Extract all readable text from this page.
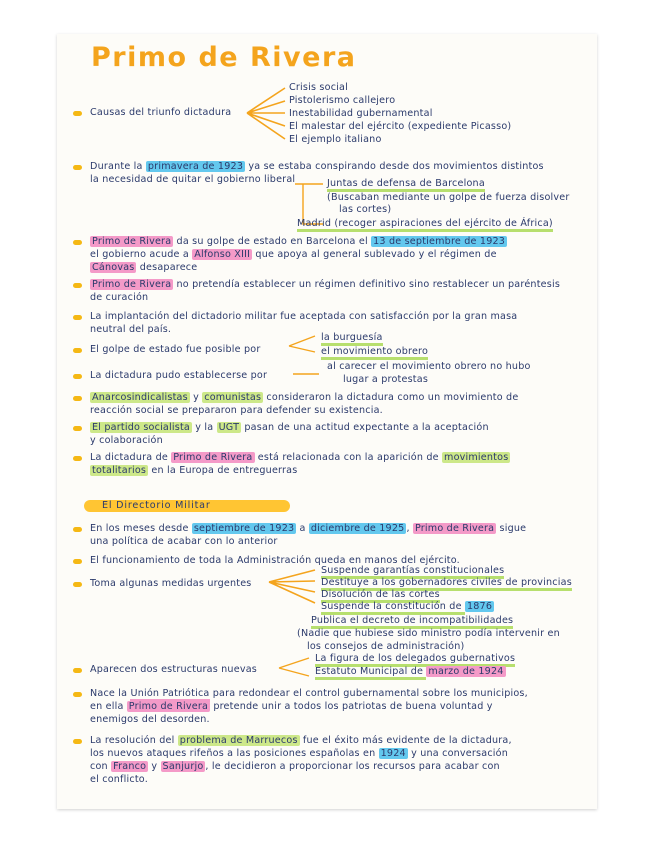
Primo de Rivera
Causas del triunfo dictadura
Crisis social
Pistolerismo callejero
Inestabilidad gubernamental
El malestar del ejército (expediente Picasso)
El ejemplo italiano
Durante la primavera de 1923 ya se estaba conspirando desde dos movimientos distintos
la necesidad de quitar el gobierno liberal	Juntas de defensa de Barcelona
(Buscaban mediante un golpe de fuerza disolver
las cortes)
Madrid (recoger aspiraciones del ejército de África)
Primo de Rivera da su golpe de estado en Barcelona el 13 de septiembre de 1923
el gobierno acude a Alfonso XIII que apoya al general sublevado y el régimen de
Cánovas desaparece
Primo de Rivera no pretendía establecer un régimen definitivo sino restablecer un paréntesis
de curación
La implantación del dictadorio militar fue aceptada con satisfacción por la gran masa
neutral del país.
El golpe de estado fue posible por
la burguesía
el movimiento obrero
La dictadura pudo establecerse por
al carecer el movimiento obrero no hubo
lugar a protestas
Anarcosindicalistas y comunistas consideraron la dictadura como un movimiento de
reacción social se prepararon para defender su existencia.
El partido socialista y la UGT pasan de una actitud expectante a la aceptación
y colaboración
La dictadura de Primo de Rivera está relacionada con la aparición de movimientos
totalitarios en la Europa de entreguerras
El Directorio Militar
En los meses desde septiembre de 1923 a diciembre de 1925 , Primo de Rivera sigue
una política de acabar con lo anterior
El funcionamiento de toda la Administración queda en manos del ejército.
Toma algunas medidas urgentes
Suspende garantías constitucionales
Destituye a los gobernadores civiles de provincias
Disolución de las cortes
Suspende la constitución de 1876
Publica el decreto de incompatibilidades
(Nadie que hubiese sido ministro podía intervenir en
los consejos de administración)
Aparecen dos estructuras nuevas
La figura de los delegados gubernativos
Estatuto Municipal de marzo de 1924
Nace la Unión Patriótica para redondear el control gubernamental sobre los municipios,
en ella Primo de Rivera pretende unir a todos los patriotas de buena voluntad y
enemigos del desorden.
La resolución del problema de Marruecos fue el éxito más evidente de la dictadura,
los nuevos ataques rifeños a las posiciones españolas en 1924 y una conversación
con Franco y Sanjurjo , le decidieron a proporcionar los recursos para acabar con
el conflicto.
